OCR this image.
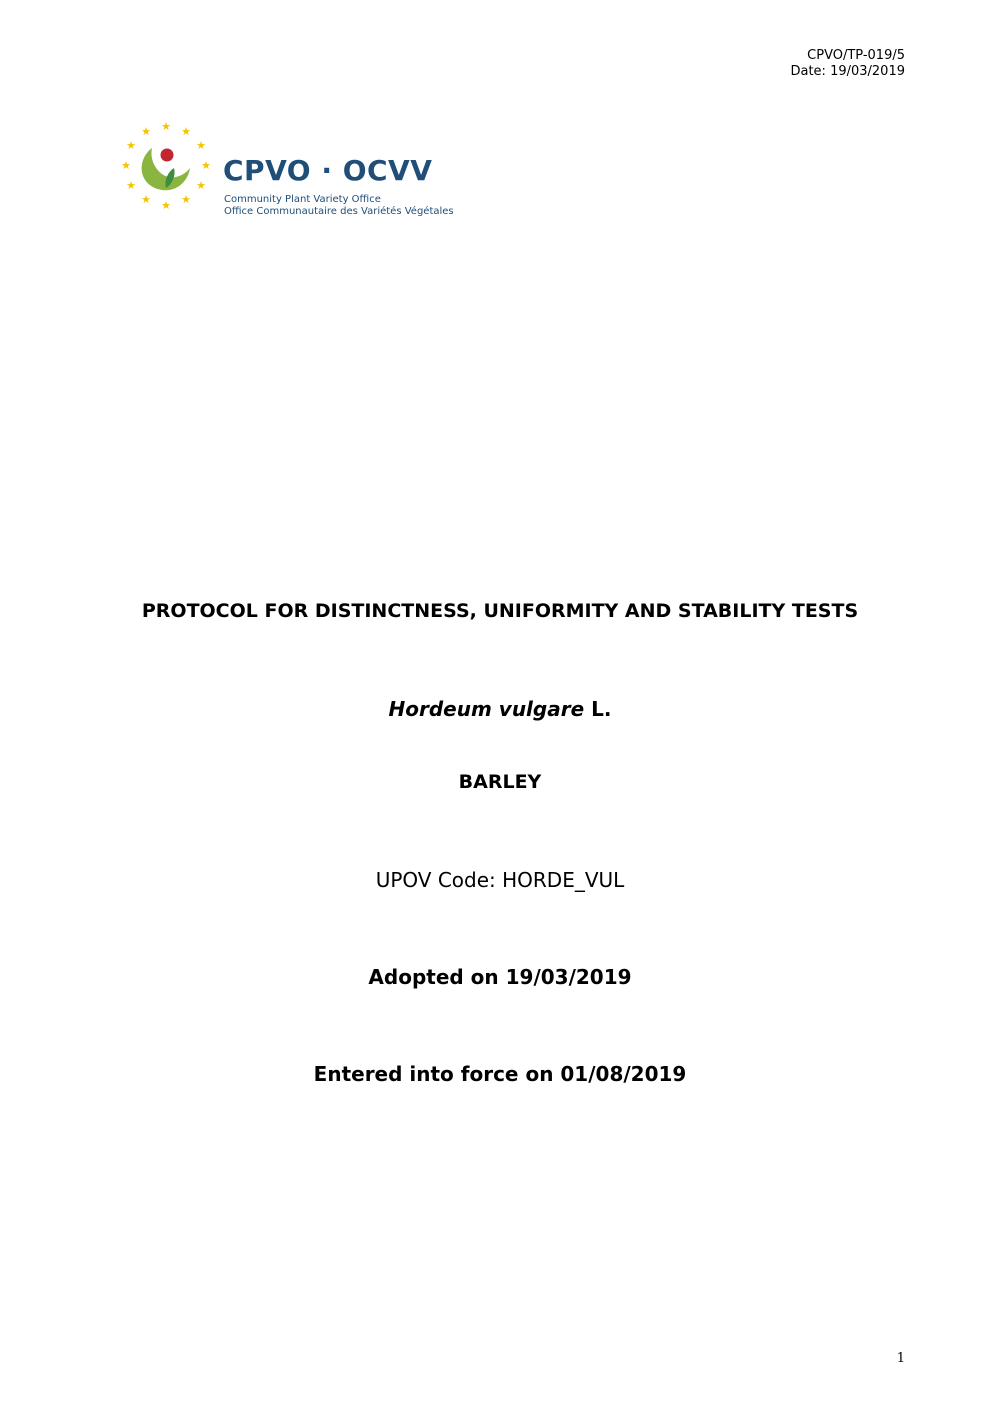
CPVO/TP-019/5
Date: 19/03/2019
★ ★
★
★
★
★
★
★
★
★
★
★
CPVO · OCVV
Community Plant Variety Office
Office Communautaire des Variétés Végétales
PROTOCOL FOR DISTINCTNESS, UNIFORMITY AND STABILITY TESTS
Hordeum vulgare L.
BARLEY
UPOV Code: HORDE_VUL
Adopted on 19/03/2019
Entered into force on 01/08/2019
1
